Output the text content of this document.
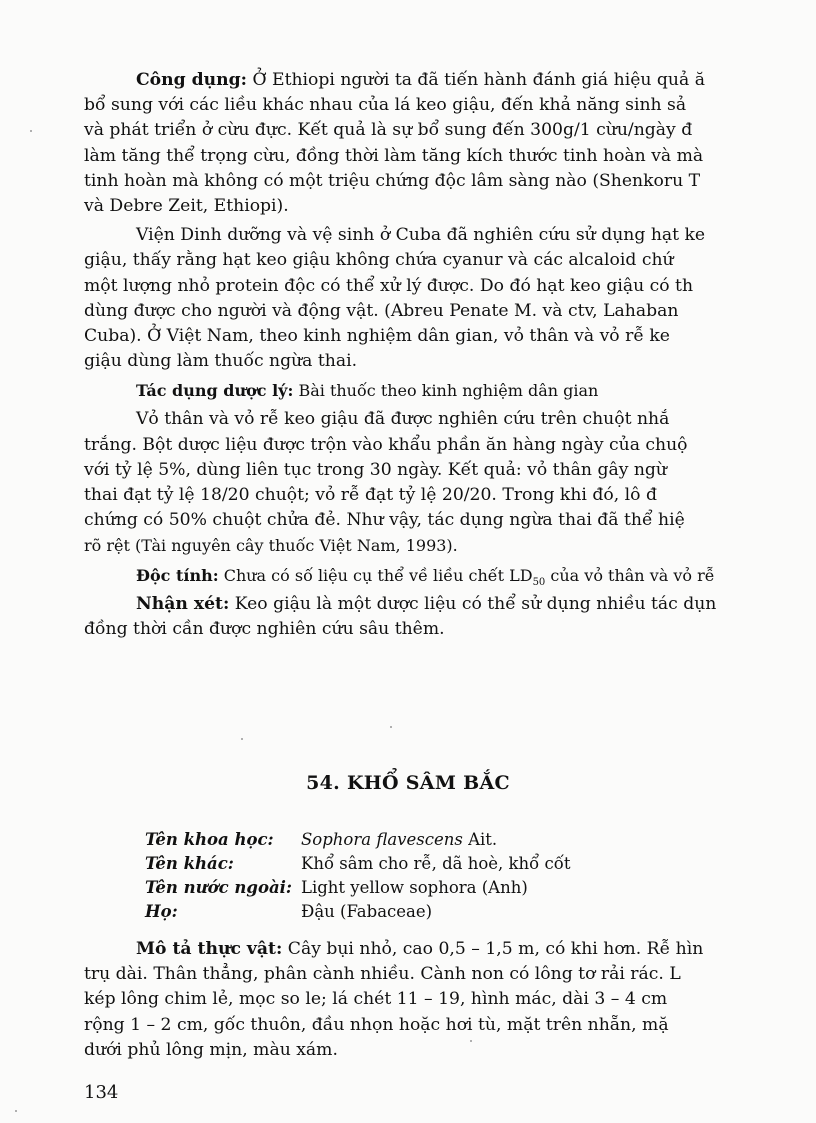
Công dụng: Ở Ethiopi người ta đã tiến hành đánh giá hiệu quả ă
bổ sung với các liều khác nhau của lá keo giậu, đến khả năng sinh sả
và phát triển ở cừu đực. Kết quả là sự bổ sung đến 300g/1 cừu/ngày đ
làm tăng thể trọng cừu, đồng thời làm tăng kích thước tinh hoàn và mà
tinh hoàn mà không có một triệu chứng độc lâm sàng nào (Shenkoru T
và Debre Zeit, Ethiopi).
Viện Dinh dưỡng và vệ sinh ở Cuba đã nghiên cứu sử dụng hạt ke
giậu, thấy rằng hạt keo giậu không chứa cyanur và các alcaloid chứ
một lượng nhỏ protein độc có thể xử lý được. Do đó hạt keo giậu có th
dùng được cho người và động vật. (Abreu Penate M. và ctv, Lahaban
Cuba). Ở Việt Nam, theo kinh nghiệm dân gian, vỏ thân và vỏ rễ ke
giậu dùng làm thuốc ngừa thai.
Tác dụng dược lý: Bài thuốc theo kinh nghiệm dân gian
Vỏ thân và vỏ rễ keo giậu đã được nghiên cứu trên chuột nhắ
trắng. Bột dược liệu được trộn vào khẩu phần ăn hàng ngày của chuộ
với tỷ lệ 5%, dùng liên tục trong 30 ngày. Kết quả: vỏ thân gây ngừ
thai đạt tỷ lệ 18/20 chuột; vỏ rễ đạt tỷ lệ 20/20. Trong khi đó, lô đ
chứng có 50% chuột chửa đẻ. Như vậy, tác dụng ngừa thai đã thể hiệ
rõ rệt (Tài nguyên cây thuốc Việt Nam, 1993).
Độc tính: Chưa có số liệu cụ thể về liều chết $LD_{50}$ của vỏ thân và vỏ rễ
Nhận xét: Keo giậu là một dược liệu có thể sử dụng nhiều tác dụn
đồng thời cần được nghiên cứu sâu thêm.
54. KHỔ SÂM BẮC
Tên khoa học: Sophora flavescens Ait.
Tên khác:	Khổ sâm cho rễ, dã hoè, khổ cốt
Tên nước ngoài: Light yellow sophora (Anh)
Họ:	Đậu (Fabaceae)
Mô tả thực vật: Cây bụi nhỏ, cao 0,5 – 1,5 m, có khi hơn. Rễ hìn
trụ dài. Thân thẳng, phân cành nhiều. Cành non có lông tơ rải rác. L
kép lông chim lẻ, mọc so le; lá chét 11 – 19, hình mác, dài 3 – 4 cm
rộng 1 – 2 cm, gốc thuôn, đầu nhọn hoặc hơi tù, mặt trên nhẵn, mặ
dưới phủ lông mịn, màu xám.
134
